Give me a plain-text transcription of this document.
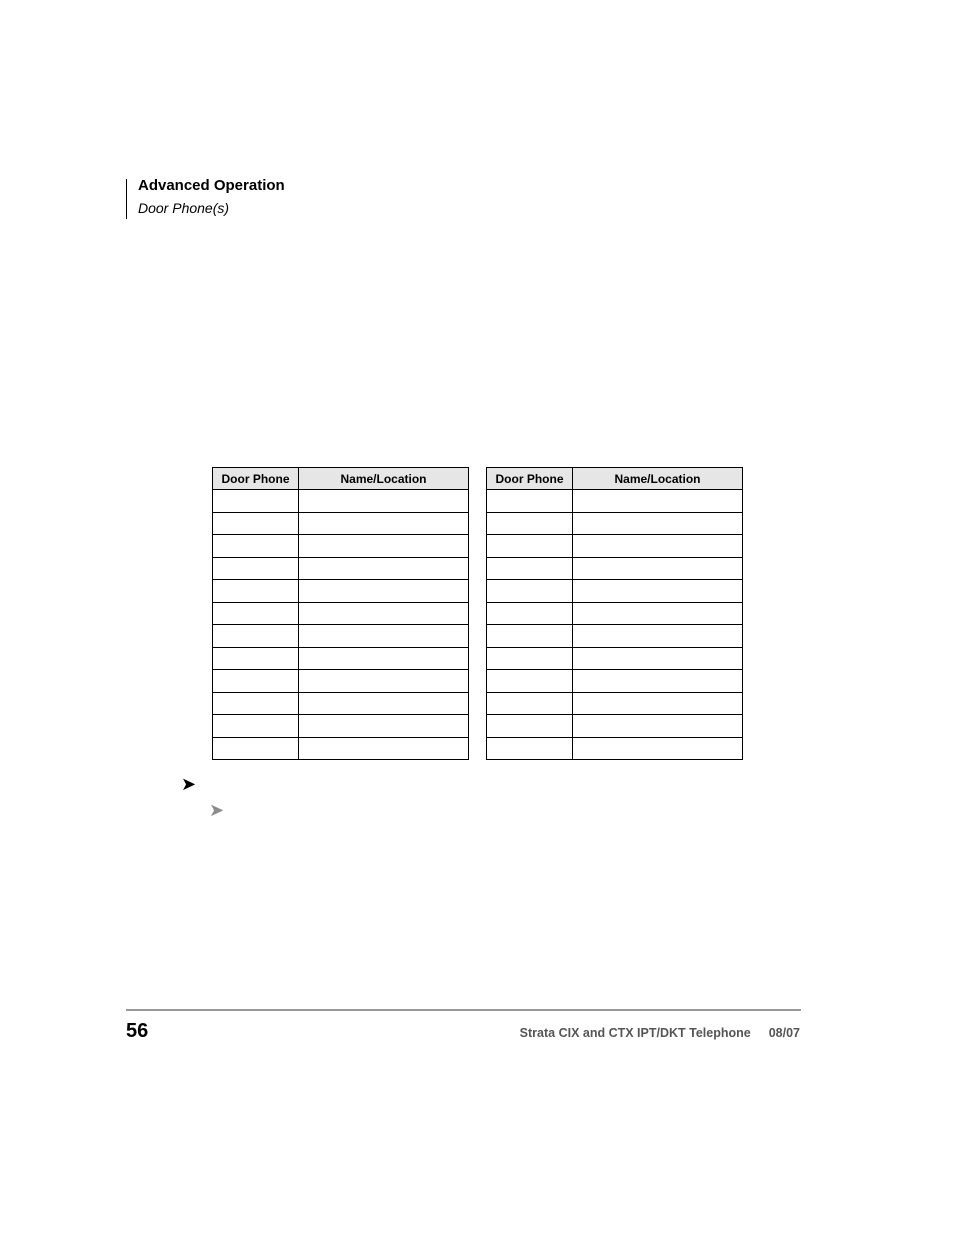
Advanced Operation
Door Phone(s)
Door Phone	Name/Location

		Door Phone	Name/Location

➤
➤
56	Strata CIX and CTX IPT/DKT Telephone 08/07
